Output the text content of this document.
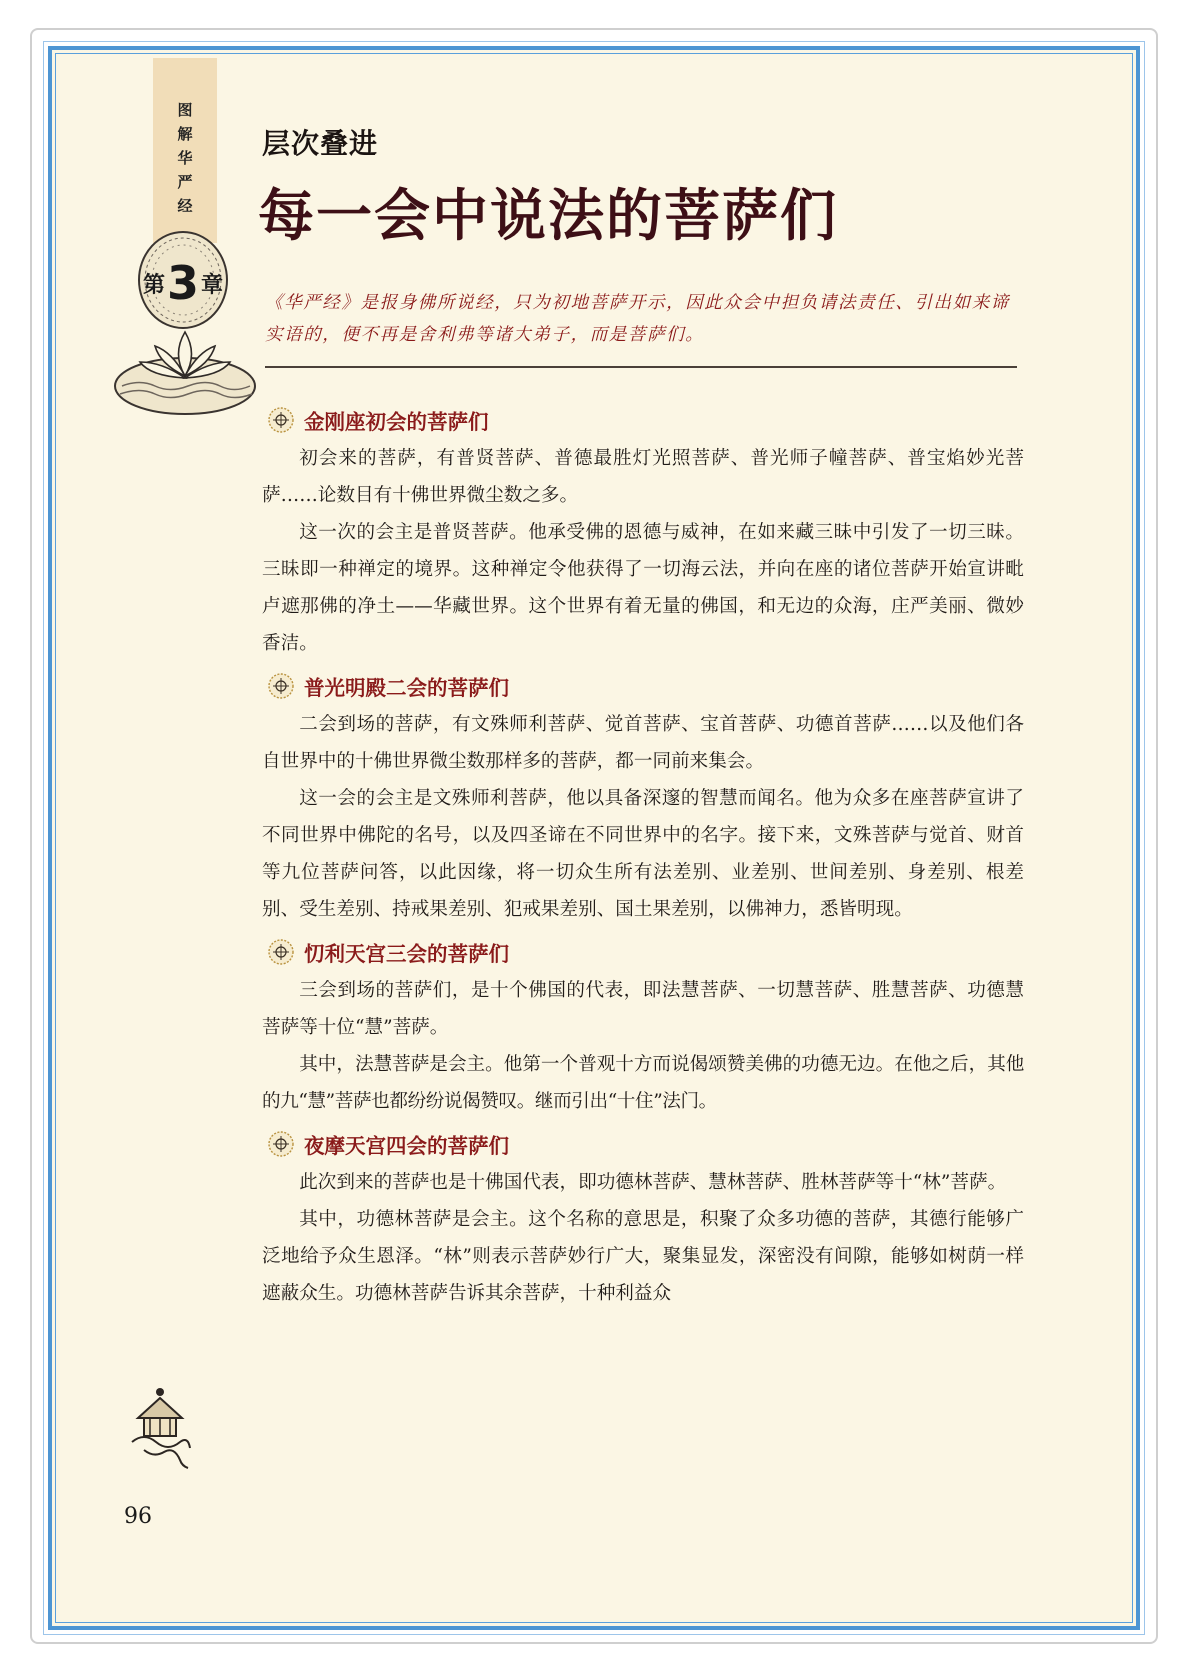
图
解
华
严
经
第 3 章
层次叠进
每一会中说法的菩萨们
《华严经》是报身佛所说经，只为初地菩萨开示，因此众会中担负请法责任、引出如来谛实语的，便不再是舍利弗等诸大弟子，而是菩萨们。
金刚座初会的菩萨们
初会来的菩萨，有普贤菩萨、普德最胜灯光照菩萨、普光师子幢菩萨、普宝焰妙光菩萨……论数目有十佛世界微尘数之多。
这一次的会主是普贤菩萨。他承受佛的恩德与威神，在如来藏三昧中引发了一切三昧。三昧即一种禅定的境界。这种禅定令他获得了一切海云法，并向在座的诸位菩萨开始宣讲毗卢遮那佛的净土——华藏世界。这个世界有着无量的佛国，和无边的众海，庄严美丽、微妙香洁。
普光明殿二会的菩萨们
二会到场的菩萨，有文殊师利菩萨、觉首菩萨、宝首菩萨、功德首菩萨……以及他们各自世界中的十佛世界微尘数那样多的菩萨，都一同前来集会。
这一会的会主是文殊师利菩萨，他以具备深邃的智慧而闻名。他为众多在座菩萨宣讲了不同世界中佛陀的名号，以及四圣谛在不同世界中的名字。接下来，文殊菩萨与觉首、财首等九位菩萨问答，以此因缘，将一切众生所有法差别、业差别、世间差别、身差别、根差别、受生差别、持戒果差别、犯戒果差别、国土果差别，以佛神力，悉皆明现。
忉利天宫三会的菩萨们
三会到场的菩萨们，是十个佛国的代表，即法慧菩萨、一切慧菩萨、胜慧菩萨、功德慧菩萨等十位“慧”菩萨。
其中，法慧菩萨是会主。他第一个普观十方而说偈颂赞美佛的功德无边。在他之后，其他的九“慧”菩萨也都纷纷说偈赞叹。继而引出“十住”法门。
夜摩天宫四会的菩萨们
此次到来的菩萨也是十佛国代表，即功德林菩萨、慧林菩萨、胜林菩萨等十“林”菩萨。
其中，功德林菩萨是会主。这个名称的意思是，积聚了众多功德的菩萨，其德行能够广泛地给予众生恩泽。“林”则表示菩萨妙行广大，聚集显发，深密没有间隙，能够如树荫一样遮蔽众生。功德林菩萨告诉其余菩萨，十种利益众
96
